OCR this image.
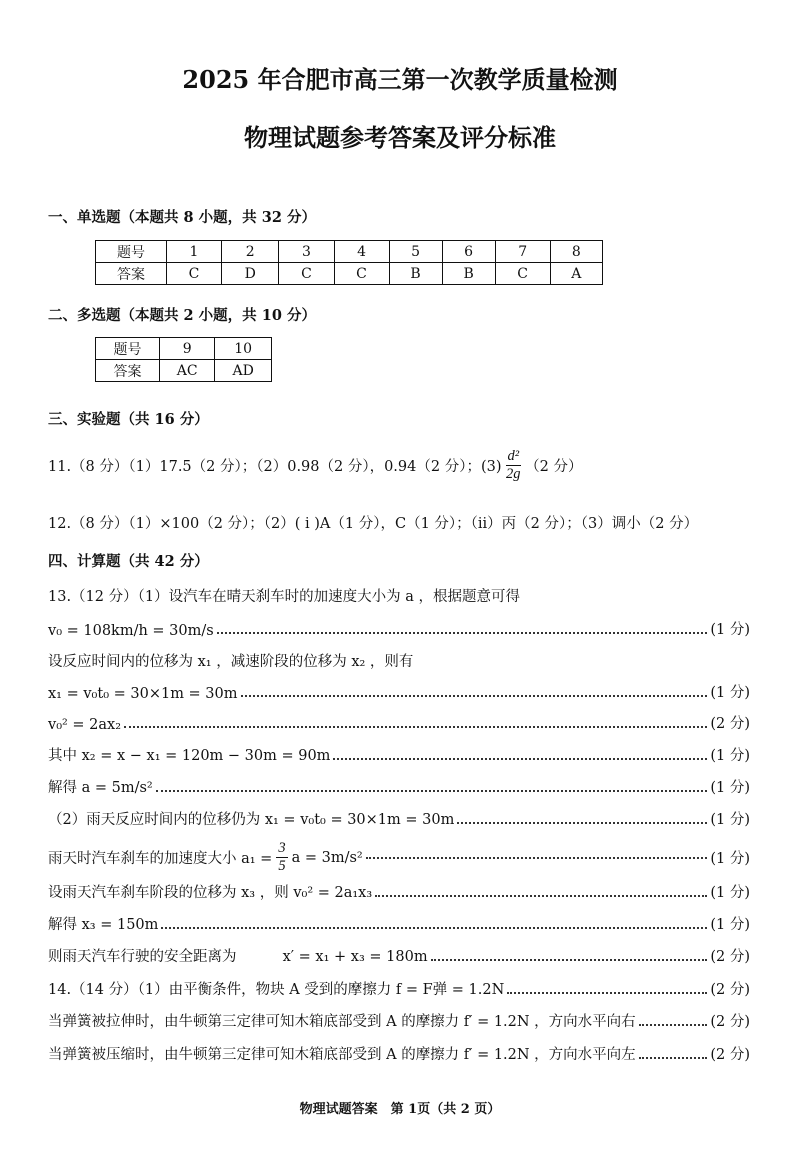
2025 年合肥市高三第一次教学质量检测
物理试题参考答案及评分标准
一、单选题（本题共 8 小题，共 32 分）
题号	1	2	3	4	5	6	7	8
答案	C	D	C	C	B	B	C	A
二、多选题（本题共 2 小题，共 10 分）
题号	9	10
答案	AC	AD
三、实验题（共 16 分）
11.（8 分）（1）17.5（2 分）；（2）0.98（2 分），0.94（2 分）；$(3) \frac{\text{d²}}{2g} (2$ 分）
12.（8 分）（1）×100（2 分）；（2）( i )A（1 分），C（1 分）；（ii）丙（2 分）；（3）调小（2 分）
四、计算题（共 42 分）
13.（12 分）（1）设汽车在晴天刹车时的加速度大小为 a ，根据题意可得
v₀ = 108km/h = 30m/s	(1 分)
设反应时间内的位移为 x₁ ，减速阶段的位移为 x₂ ，则有
x₁ = v₀t₀ = 30×1m = 30m	(1 分)
v₀² = 2ax₂	(2 分)
其中 x₂ = x − x₁ = 120m − 30m = 90m	(1 分)
解得 a = 5m/s²	(1 分)
（2）雨天反应时间内的位移仍为 x₁ = v₀t₀ = 30×1m = 30m	(1 分)
雨天时汽车刹车的加速度大小 $a_1 = \frac{3}{5}$ a = 3m/s²	(1 分)
设雨天汽车刹车阶段的位移为 x₃ ，则 v₀² = 2a₁x₃	(1 分)
解得 x₃ = 150m	(1 分)
则雨天汽车行驶的安全距离为          x′ = x₁ + x₃ = 180m	(2 分)
14.（14 分）（1）由平衡条件，物块 A 受到的摩擦力 f = F弹 = 1.2N	(2 分)
当弹簧被拉伸时，由牛顿第三定律可知木箱底部受到 A 的摩擦力 f′ = 1.2N ，方向水平向右	(2 分)
当弹簧被压缩时，由牛顿第三定律可知木箱底部受到 A 的摩擦力 f′ = 1.2N ，方向水平向左	(2 分)
物理试题答案　第 1页（共 2 页）
